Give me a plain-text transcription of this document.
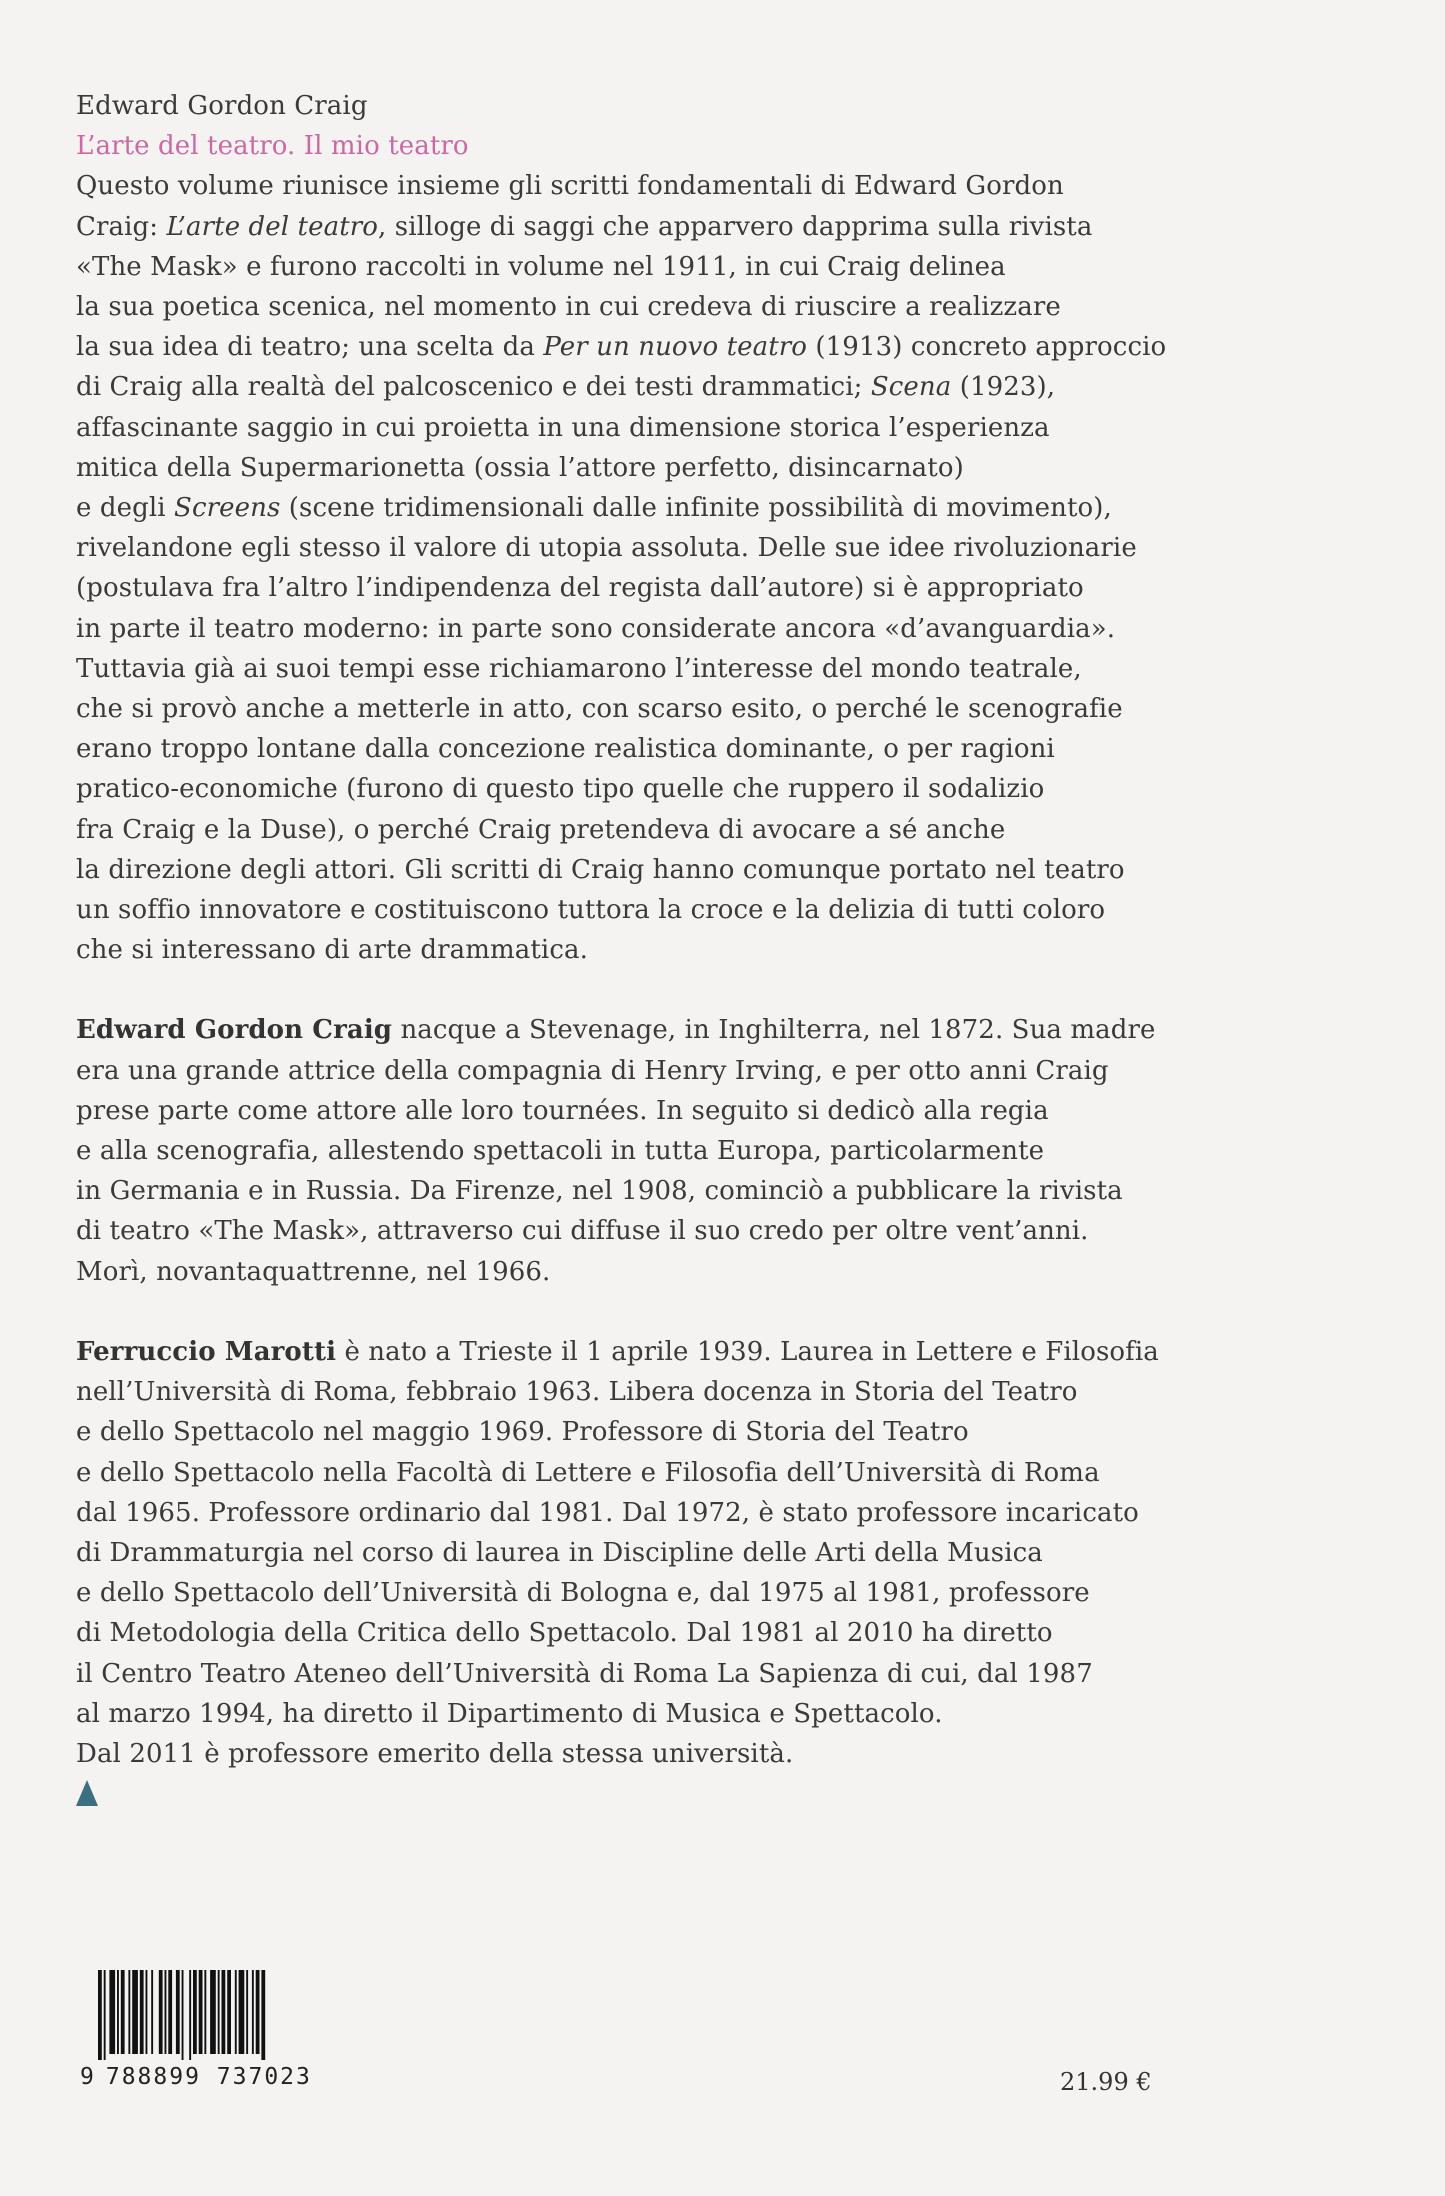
Edward Gordon Craig
L’arte del teatro. Il mio teatro
Questo volume riunisce insieme gli scritti fondamentali di Edward Gordon
Craig: L’arte del teatro, silloge di saggi che apparvero dapprima sulla rivista
«The Mask» e furono raccolti in volume nel 1911, in cui Craig delinea
la sua poetica scenica, nel momento in cui credeva di riuscire a realizzare
la sua idea di teatro; una scelta da Per un nuovo teatro (1913) concreto approccio
di Craig alla realtà del palcoscenico e dei testi drammatici; Scena (1923),
affascinante saggio in cui proietta in una dimensione storica l’esperienza
mitica della Supermarionetta (ossia l’attore perfetto, disincarnato)
e degli Screens (scene tridimensionali dalle infinite possibilità di movimento),
rivelandone egli stesso il valore di utopia assoluta. Delle sue idee rivoluzionarie
(postulava fra l’altro l’indipendenza del regista dall’autore) si è appropriato
in parte il teatro moderno: in parte sono considerate ancora «d’avanguardia».
Tuttavia già ai suoi tempi esse richiamarono l’interesse del mondo teatrale,
che si provò anche a metterle in atto, con scarso esito, o perché le scenografie
erano troppo lontane dalla concezione realistica dominante, o per ragioni
pratico-economiche (furono di questo tipo quelle che ruppero il sodalizio
fra Craig e la Duse), o perché Craig pretendeva di avocare a sé anche
la direzione degli attori. Gli scritti di Craig hanno comunque portato nel teatro
un soffio innovatore e costituiscono tuttora la croce e la delizia di tutti coloro
che si interessano di arte drammatica.
Edward Gordon Craig nacque a Stevenage, in Inghilterra, nel 1872. Sua madre
era una grande attrice della compagnia di Henry Irving, e per otto anni Craig
prese parte come attore alle loro tournées. In seguito si dedicò alla regia
e alla scenografia, allestendo spettacoli in tutta Europa, particolarmente
in Germania e in Russia. Da Firenze, nel 1908, cominciò a pubblicare la rivista
di teatro «The Mask», attraverso cui diffuse il suo credo per oltre vent’anni.
Morì, novantaquattrenne, nel 1966.
Ferruccio Marotti è nato a Trieste il 1 aprile 1939. Laurea in Lettere e Filosofia
nell’Università di Roma, febbraio 1963. Libera docenza in Storia del Teatro
e dello Spettacolo nel maggio 1969. Professore di Storia del Teatro
e dello Spettacolo nella Facoltà di Lettere e Filosofia dell’Università di Roma
dal 1965. Professore ordinario dal 1981. Dal 1972, è stato professore incaricato
di Drammaturgia nel corso di laurea in Discipline delle Arti della Musica
e dello Spettacolo dell’Università di Bologna e, dal 1975 al 1981, professore
di Metodologia della Critica dello Spettacolo. Dal 1981 al 2010 ha diretto
il Centro Teatro Ateneo dell’Università di Roma La Sapienza di cui, dal 1987
al marzo 1994, ha diretto il Dipartimento di Musica e Spettacolo.
Dal 2011 è professore emerito della stessa università.
9 788899 737023	21.99 €
